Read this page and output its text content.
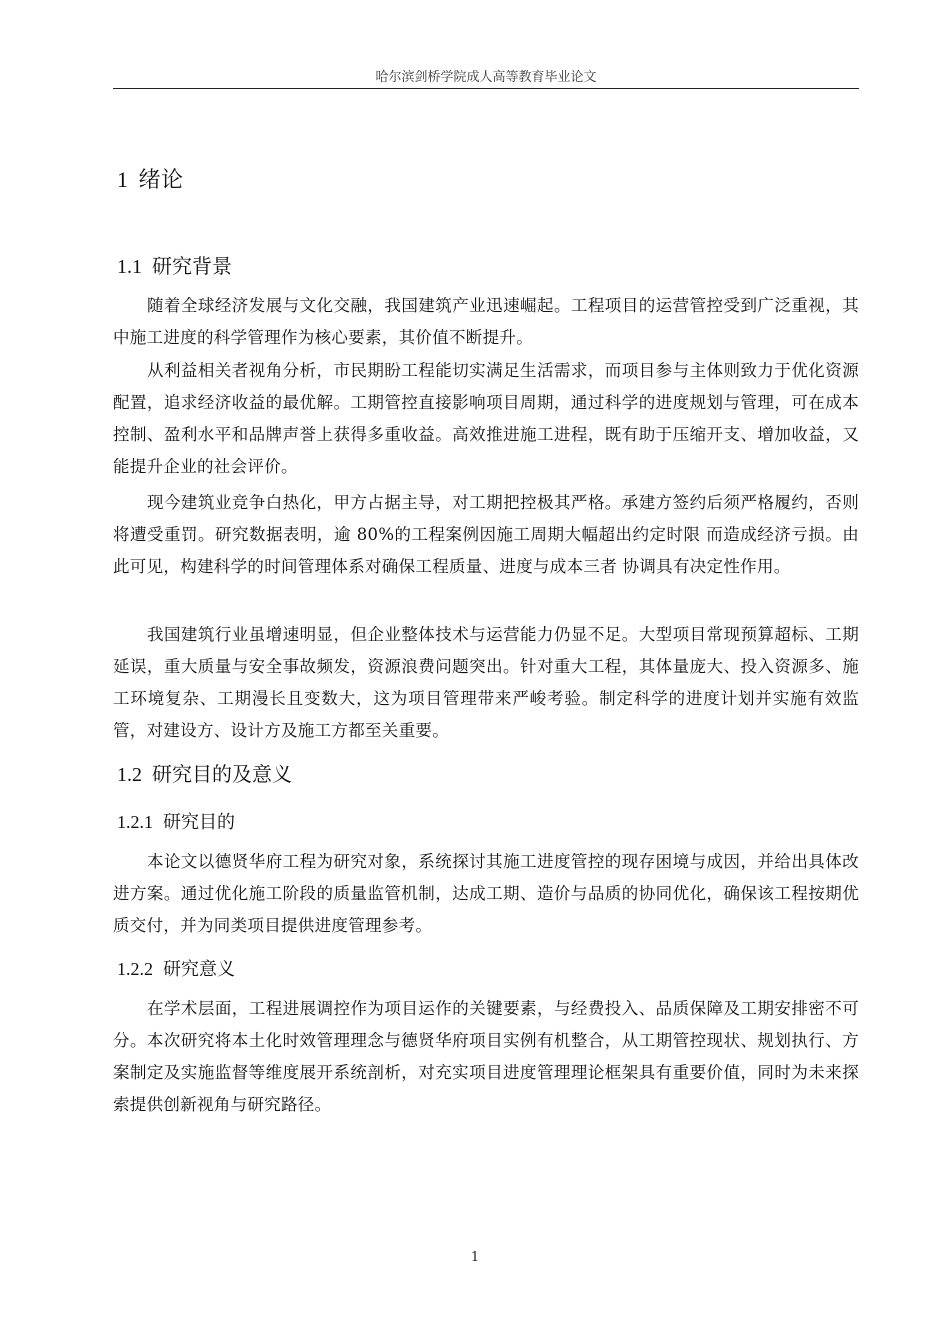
哈尔滨剑桥学院成人高等教育毕业论文
1 绪论
1.1 研究背景

随着全球经济发展与文化交融，我国建筑产业迅速崛起。工程项目的运营管控受到广泛重视，其中施工进度的科学管理作为核心要素，其价值不断提升。

从利益相关者视角分析，市民期盼工程能切实满足生活需求，而项目参与主体则致力于优化资源配置，追求经济收益的最优解。工期管控直接影响项目周期，通过科学的进度规划与管理，可在成本控制、盈利水平和品牌声誉上获得多重收益。高效推进施工进程，既有助于压缩开支、增加收益，又能提升企业的社会评价。

现今建筑业竞争白热化，甲方占据主导，对工期把控极其严格。承建方签约后须严格履约，否则将遭受重罚。研究数据表明，逾 80%的工程案例因施工周期大幅超出约定时限 而造成经济亏损。由此可见，构建科学的时间管理体系对确保工程质量、进度与成本三者 协调具有决定性作用。

我国建筑行业虽增速明显，但企业整体技术与运营能力仍显不足。大型项目常现预算超标、工期延误，重大质量与安全事故频发，资源浪费问题突出。针对重大工程，其体量庞大、投入资源多、施工环境复杂、工期漫长且变数大，这为项目管理带来严峻考验。制定科学的进度计划并实施有效监管，对建设方、设计方及施工方都至关重要。

1.2 研究目的及意义
1.2.1 研究目的

本论文以德贤华府工程为研究对象，系统探讨其施工进度管控的现存困境与成因，并给出具体改进方案。通过优化施工阶段的质量监管机制，达成工期、造价与品质的协同优化，确保该工程按期优质交付，并为同类项目提供进度管理参考。

1.2.2 研究意义

在学术层面，工程进展调控作为项目运作的关键要素，与经费投入、品质保障及工期安排密不可分。本次研究将本土化时效管理理念与德贤华府项目实例有机整合，从工期管控现状、规划执行、方案制定及实施监督等维度展开系统剖析，对充实项目进度管理理论框架具有重要价值，同时为未来探索提供创新视角与研究路径。

1
